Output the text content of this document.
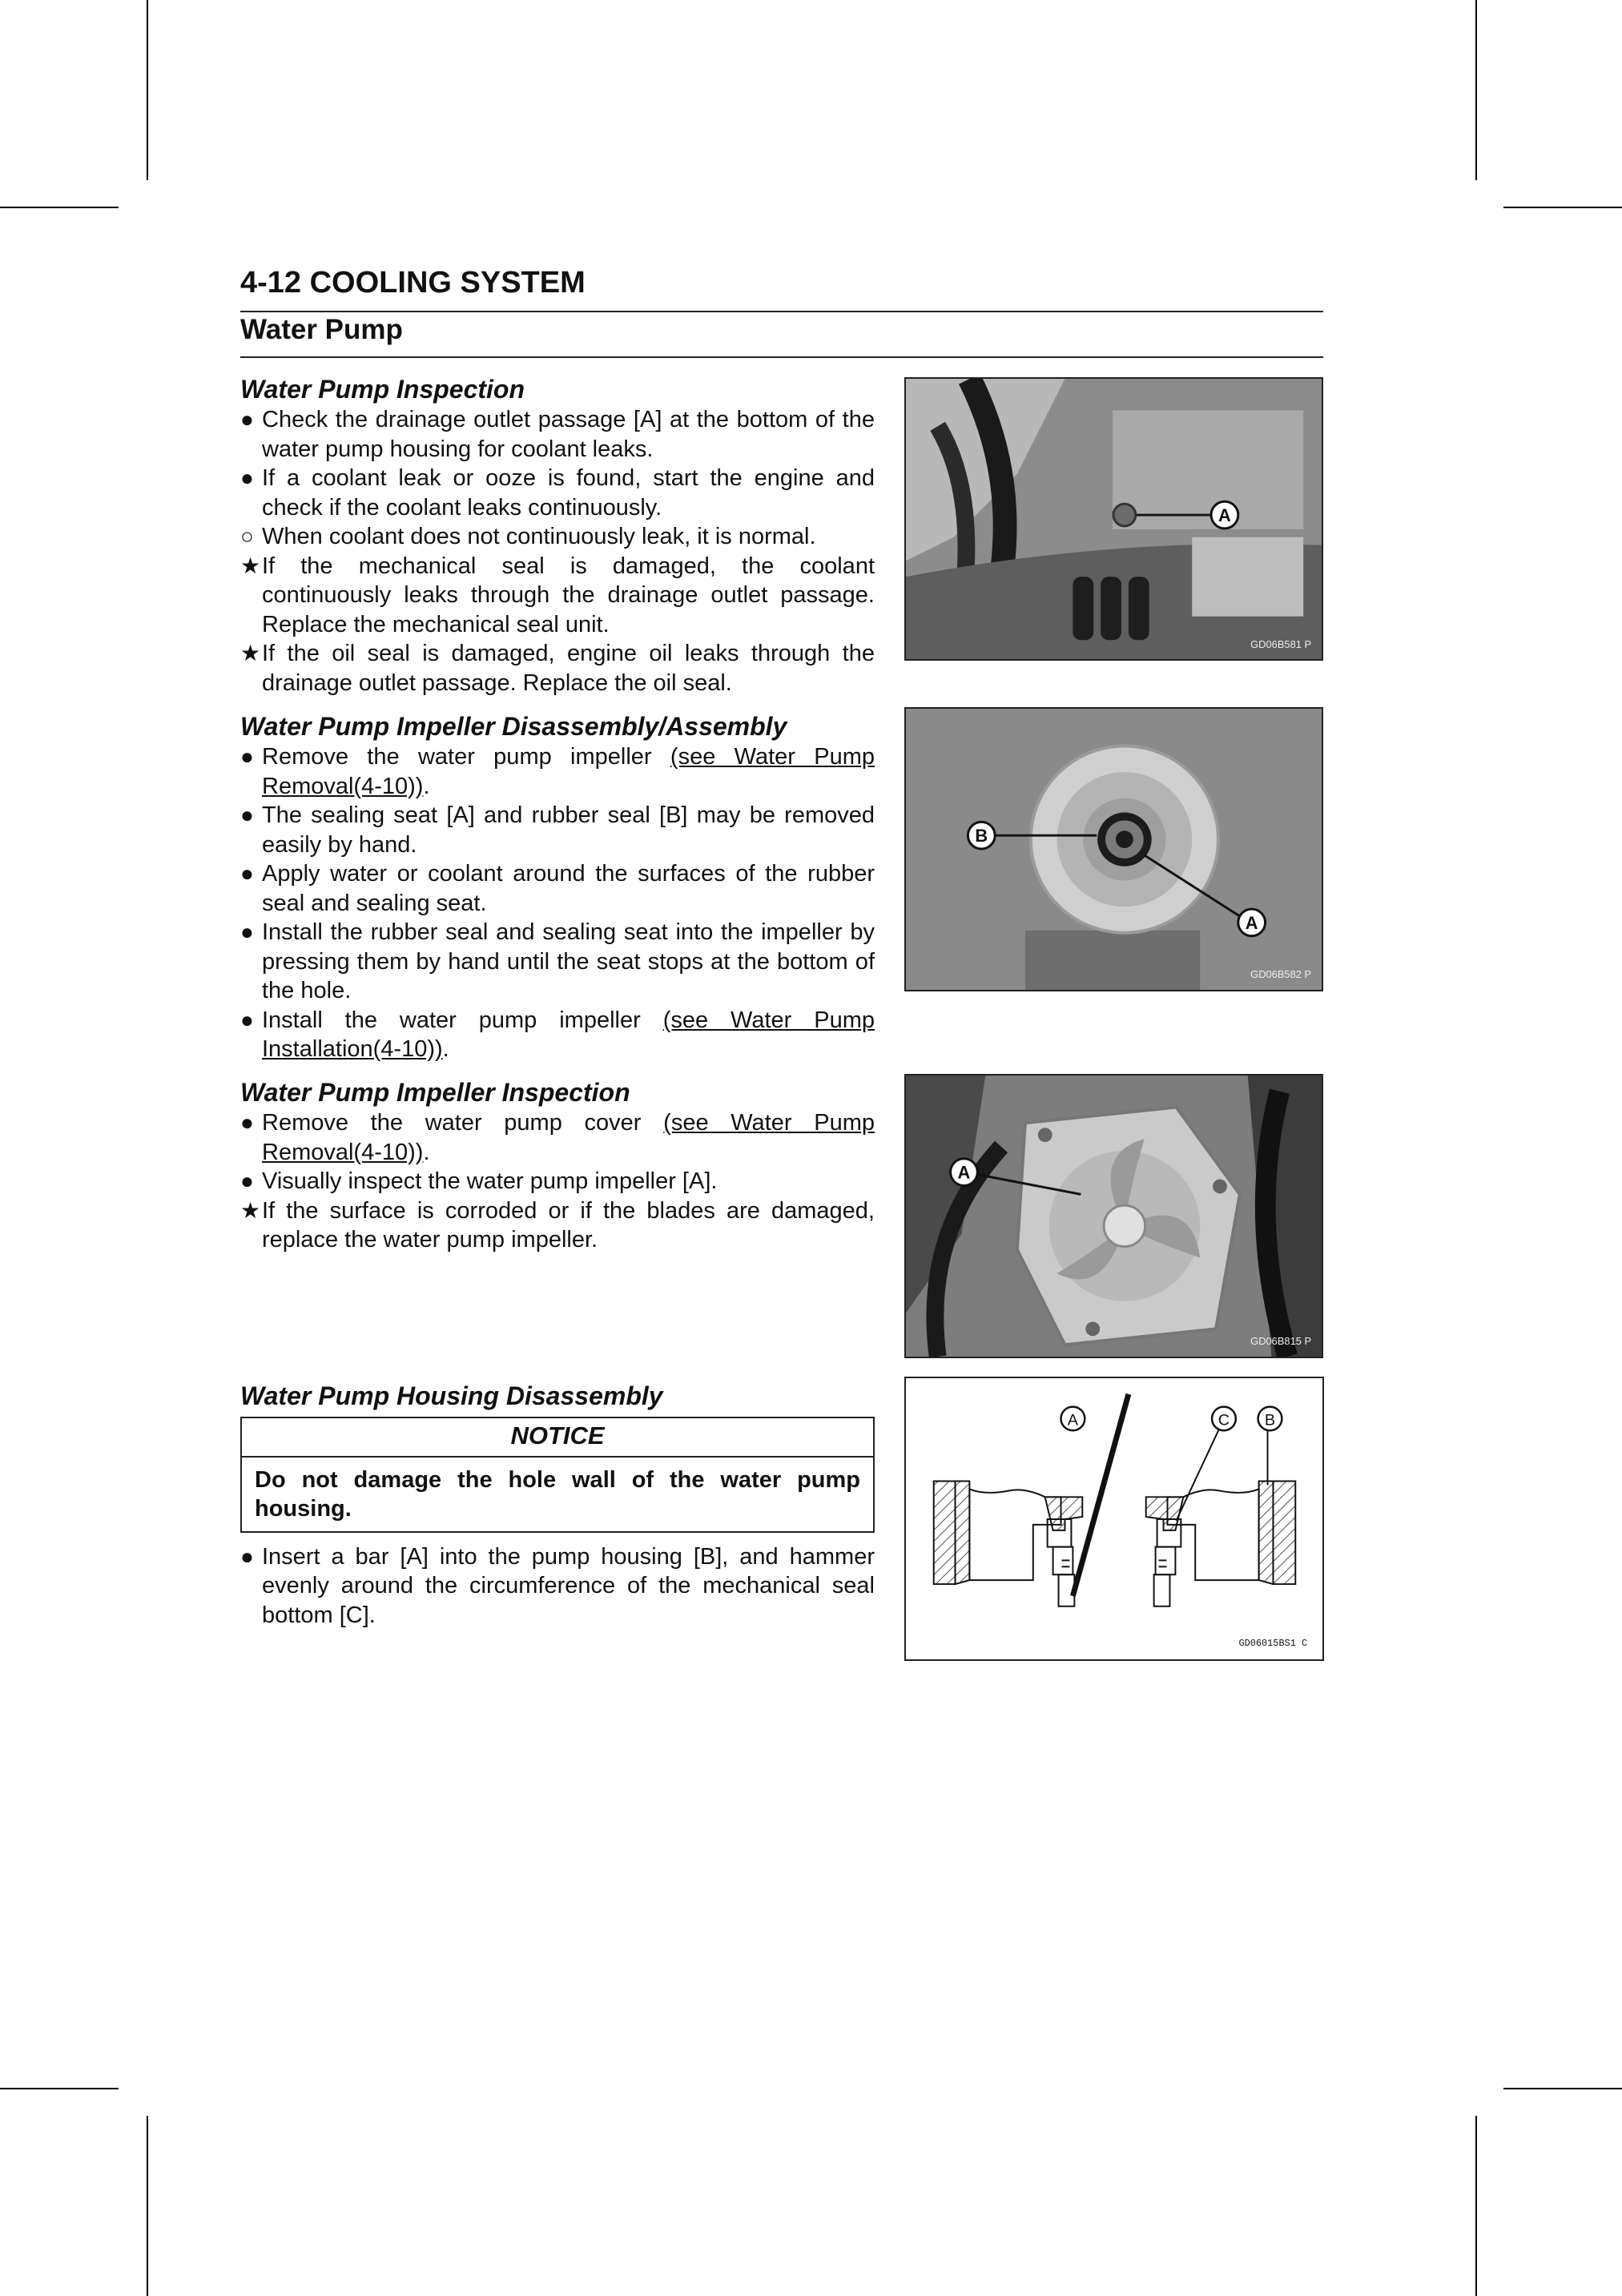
4-12 COOLING SYSTEM
Water Pump
Water Pump Inspection
● Check the drainage outlet passage [A] at the bottom of the water pump housing for coolant leaks.
● If a coolant leak or ooze is found, start the engine and check if the coolant leaks continuously.
○ When coolant does not continuously leak, it is normal.
★ If the mechanical seal is damaged, the coolant continuously leaks through the drainage outlet passage. Replace the mechanical seal unit.
★ If the oil seal is damaged, engine oil leaks through the drainage outlet passage. Replace the oil seal.
A
GD06B581 P
Water Pump Impeller Disassembly/Assembly
● Remove the water pump impeller (see Water Pump Removal(4-10)).
● The sealing seat [A] and rubber seal [B] may be removed easily by hand.
● Apply water or coolant around the surfaces of the rubber seal and sealing seat.
● Install the rubber seal and sealing seat into the impeller by pressing them by hand until the seat stops at the bottom of the hole.
● Install the water pump impeller (see Water Pump Installation(4-10)).
B
A
GD06B582 P
Water Pump Impeller Inspection
● Remove the water pump cover (see Water Pump Removal(4-10)).
● Visually inspect the water pump impeller [A].
★ If the surface is corroded or if the blades are damaged, replace the water pump impeller.
A
GD06B815 P
Water Pump Housing Disassembly
NOTICE
Do not damage the hole wall of the water pump housing.
● Insert a bar [A] into the pump housing [B], and hammer evenly around the circumference of the mechanical seal bottom [C].
A	C B
GD06015BS1 C
